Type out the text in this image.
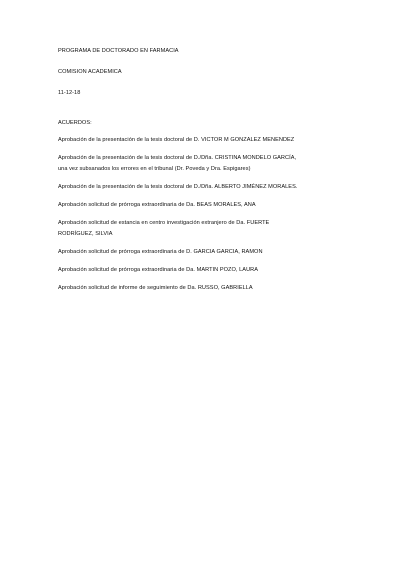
PROGRAMA DE DOCTORADO EN FARMACIA
COMISION ACADEMICA
11-12-18
ACUERDOS:
Aprobación de la presentación de la tesis doctoral de D. VICTOR M GONZALEZ MENENDEZ
Aprobación de la presentación de la tesis doctoral de D./Dña. CRISTINA MONDELO GARCÍA,
una vez subsanados los errores en el tribunal (Dr. Poveda y Dra. Espigares)
Aprobación de la presentación de la tesis doctoral de D./Dña. ALBERTO JIMÉNEZ MORALES.
Aprobación solicitud de prórroga extraordinaria de Da. BEAS MORALES, ANA
Aprobación solicitud de estancia en centro investigación extranjero de Da. FUERTE
RODRÍGUEZ, SILVIA
Aprobación solicitud de prórroga extraordinaria de D. GARCIA GARCIA, RAMON
Aprobación solicitud de prórroga extraordinaria de Da. MARTIN POZO, LAURA
Aprobación solicitud de informe de seguimiento de Da. RUSSO, GABRIELLA
